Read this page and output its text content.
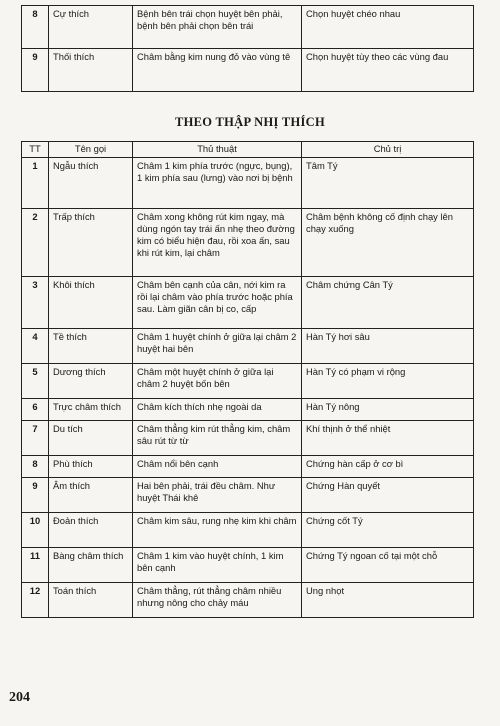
8	Cự thích	Bệnh bên trái chọn huyệt bên phải, bệnh bên phải chọn bên trái	Chọn huyệt chéo nhau
9	Thối thích	Châm bằng kim nung đỏ vào vùng tê	Chọn huyệt tùy theo các vùng đau
THEO THẬP NHỊ THÍCH
TT	Tên gọi	Thủ thuật	Chủ trị
1	Ngẫu thích	Châm 1 kim phía trước (ngực, bụng), 1 kim phía sau (lưng) vào nơi bị bệnh	Tâm Tý
2	Trấp thích	Châm xong không rút kim ngay, mà dùng ngón tay trái ấn nhẹ theo đường kim có biểu hiện đau, rồi xoa ấn, sau khi rút kim, lại châm	Châm bệnh không cố định chạy lên chạy xuống
3	Khôi thích	Châm bên cạnh của cân, nới kim ra rồi lại châm vào phía trước hoặc phía sau. Làm giãn cân bị co, cấp	Châm chứng Cân Tý
4	Tề thích	Châm 1 huyệt chính ở giữa lại châm 2 huyệt hai bên	Hàn Tý hơi sâu
5	Dương thích	Châm một huyệt chính ở giữa lại châm 2 huyệt bốn bên	Hàn Tý có phạm vi rộng
6	Trực châm thích	Châm kích thích nhẹ ngoài da	Hàn Tý nông
7	Du tích	Châm thẳng kim rút thẳng kim, châm sâu rút từ từ	Khí thịnh ở thể nhiệt
8	Phù thích	Châm nổi bên cạnh	Chứng hàn cấp ở cơ bì
9	Âm thích	Hai bên phải, trái đều châm. Như huyệt Thái khê	Chứng Hàn quyết
10	Đoản thích	Châm kim sâu, rung nhẹ kim khi châm	Chứng cốt Tý
11	Bàng châm thích	Châm 1 kim vào huyệt chính, 1 kim bên cạnh	Chứng Tý ngoan cố tại một chỗ
12	Toán thích	Châm thẳng, rút thẳng châm nhiều nhưng nông cho chảy máu	Ung nhọt
204
